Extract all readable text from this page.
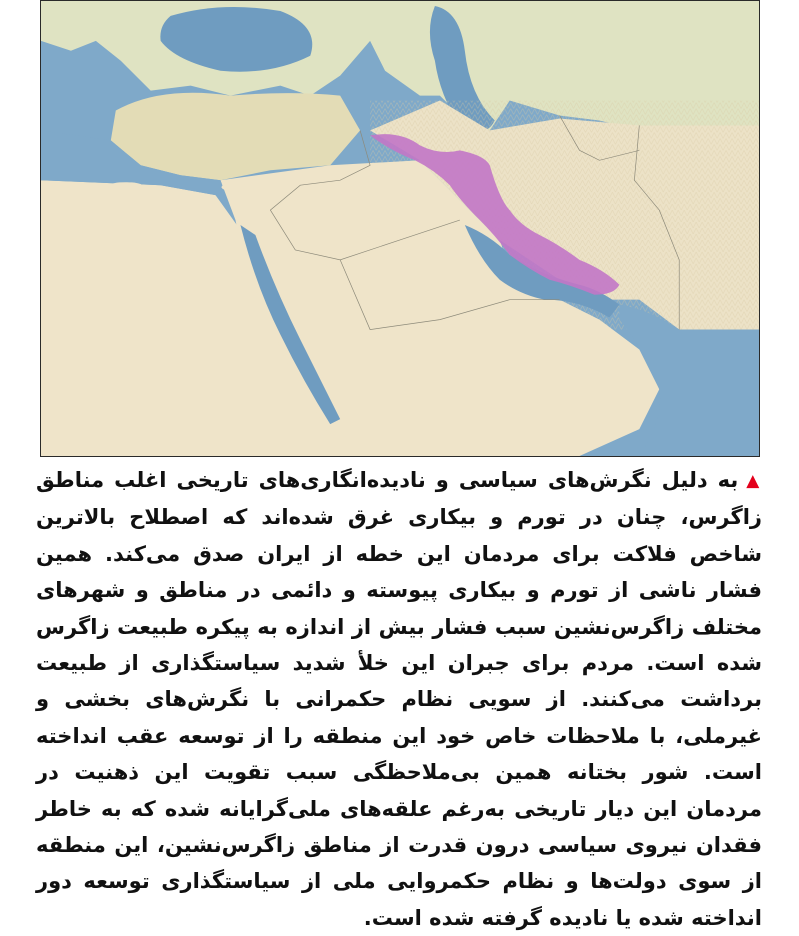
▲به دلیل نگرش‌های سیاسی و نادیده‌انگاری‌های تاریخی اغلب مناطق زاگرس، چنان در تورم و بیکاری غرق شده‌اند که اصطلاح بالاترین شاخص فلاکت برای مردمان این خطه از ایران صدق می‌کند. همین فشار ناشی از تورم و بیکاری پیوسته و دائمی در مناطق و شهرهای مختلف زاگرس‌نشین سبب فشار بیش از اندازه به پیکره طبیعت زاگرس شده است. مردم برای جبران این خلأ شدید سیاستگذاری از طبیعت برداشت می‌کنند. از سویی نظام حکمرانی با نگرش‌های بخشی و غیرملی، با ملاحظات خاص خود این منطقه را از توسعه عقب انداخته است. شور بختانه همین بی‌ملاحظگی سبب تقویت این ذهنیت در مردمان این دیار تاریخی به‌رغم علقه‌های ملی‌گرایانه شده که به خاطر فقدان نیروی سیاسی درون قدرت از مناطق زاگرس‌نشین، این منطقه از سوی دولت‌ها و نظام حکمروایی ملی از سیاستگذاری توسعه دور انداخته شده یا نادیده گرفته شده است.
